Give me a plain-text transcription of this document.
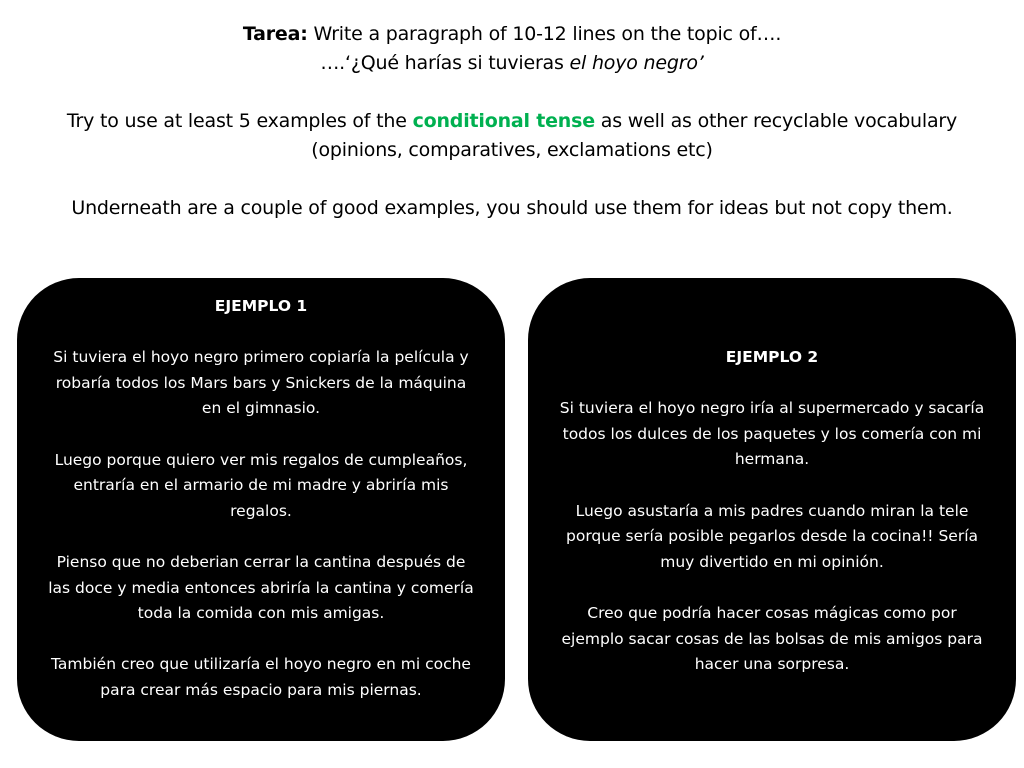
Tarea: Write a paragraph of 10-12 lines on the topic of….

….‘¿Qué harías si tuvieras el hoyo negro’

Try to use at least 5 examples of the conditional tense as well as other recyclable vocabulary

(opinions, comparatives, exclamations etc)

Underneath are a couple of good examples, you should use them for ideas but not copy them.

EJEMPLO 1

Si tuviera el hoyo negro primero copiaría la película y robaría todos los Mars bars y Snickers de la máquina en el gimnasio.

Luego porque quiero ver mis regalos de cumpleaños, entraría en el armario de mi madre y abriría mis regalos.

Pienso que no deberian cerrar la cantina después de las doce y media entonces abriría la cantina y comería toda la comida con mis amigas.

También creo que utilizaría el hoyo negro en mi coche para crear más espacio para mis piernas.

EJEMPLO 2

Si tuviera el hoyo negro iría al supermercado y sacaría todos los dulces de los paquetes y los comería con mi hermana.

Luego asustaría a mis padres cuando miran la tele porque sería posible pegarlos desde la cocina!! Sería muy divertido en mi opinión.

Creo que podría hacer cosas mágicas como por ejemplo sacar cosas de las bolsas de mis amigos para hacer una sorpresa.
